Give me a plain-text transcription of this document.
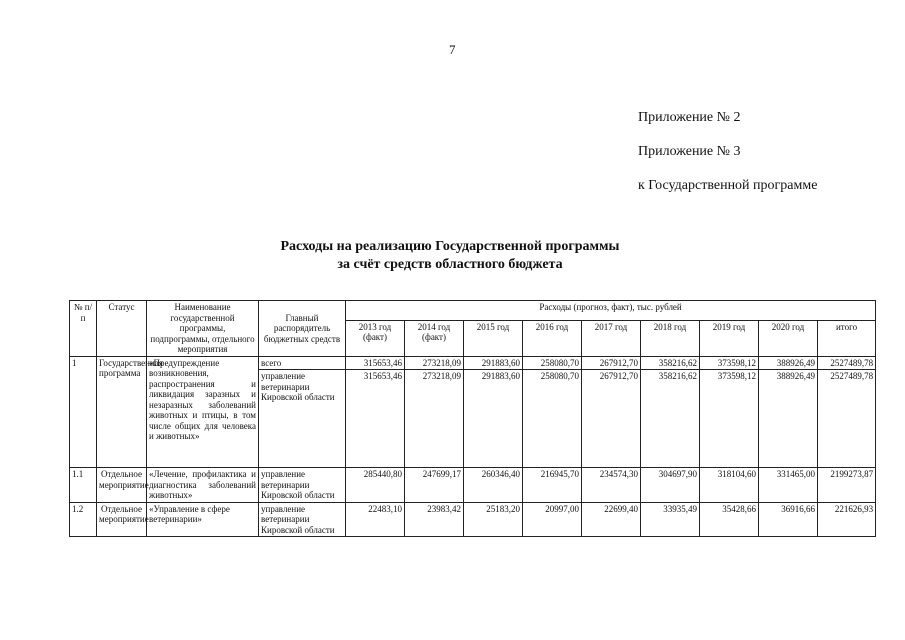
7
Приложение № 2
Приложение № 3
к Государственной программе
Расходы на реализацию Государственной программы
за счёт средств областного бюджета
№ п/п	Статус	Наименование государственной программы, подпрограммы, отдельного мероприятия	Главный распорядитель бюджетных средств	Расходы (прогноз, факт), тыс. рублей								
				2013 год (факт)	2014 год (факт)	2015 год	2016 год	2017 год	2018 год	2019 год	2020 год	итого
1	Государственная программа	«Предупреждение возникновения, распространения и ликвидация заразных и незаразных заболеваний животных и птицы, в том числе общих для человека и животных»	всего	315653,46	273218,09	291883,60	258080,70	267912,70	358216,62	373598,12	388926,49	2527489,78
			управление ветеринарии Кировской области	315653,46	273218,09	291883,60	258080,70	267912,70	358216,62	373598,12	388926,49	2527489,78
1.1	Отдельное мероприятие	«Лечение, профилактика и диагностика заболеваний животных»	управление ветеринарии Кировской области	285440,80	247699,17	260346,40	216945,70	234574,30	304697,90	318104,60	331465,00	2199273,87
1.2	Отдельное мероприятие	«Управление в сфере ветеринарии»	управление ветеринарии Кировской области	22483,10	23983,42	25183,20	20997,00	22699,40	33935,49	35428,66	36916,66	221626,93
